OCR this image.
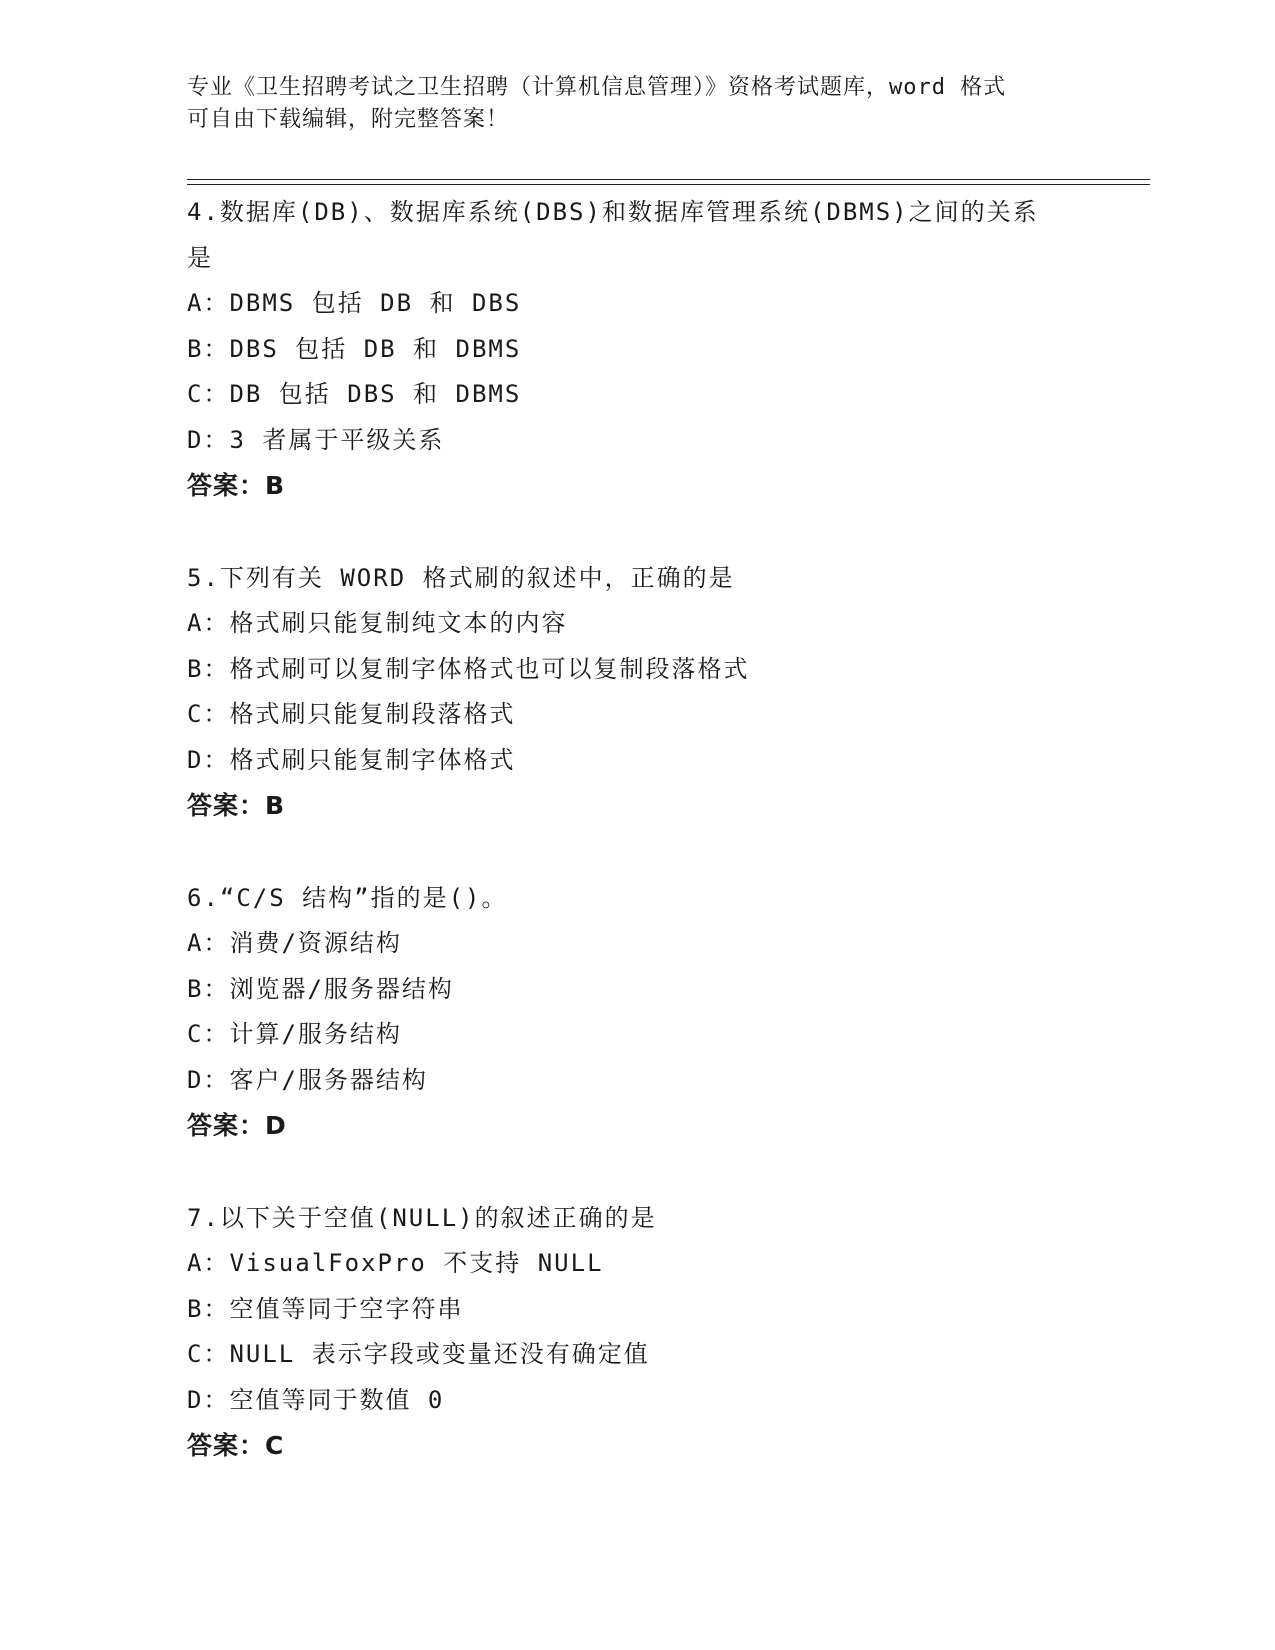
专业《卫生招聘考试之卫生招聘（计算机信息管理）》资格考试题库，word 格式
可自由下载编辑，附完整答案！
4.数据库(DB)、数据库系统(DBS)和数据库管理系统(DBMS)之间的关系
是
A：DBMS 包括 DB 和 DBS
B：DBS 包括 DB 和 DBMS
C：DB 包括 DBS 和 DBMS
D：3 者属于平级关系
答案：B
5.下列有关 WORD 格式刷的叙述中，正确的是
A：格式刷只能复制纯文本的内容
B：格式刷可以复制字体格式也可以复制段落格式
C：格式刷只能复制段落格式
D：格式刷只能复制字体格式
答案：B
6.“C/S 结构”指的是()。
A：消费/资源结构
B：浏览器/服务器结构
C：计算/服务结构
D：客户/服务器结构
答案：D
7.以下关于空值(NULL)的叙述正确的是
A：VisualFoxPro 不支持 NULL
B：空值等同于空字符串
C：NULL 表示字段或变量还没有确定值
D：空值等同于数值 0
答案：C
